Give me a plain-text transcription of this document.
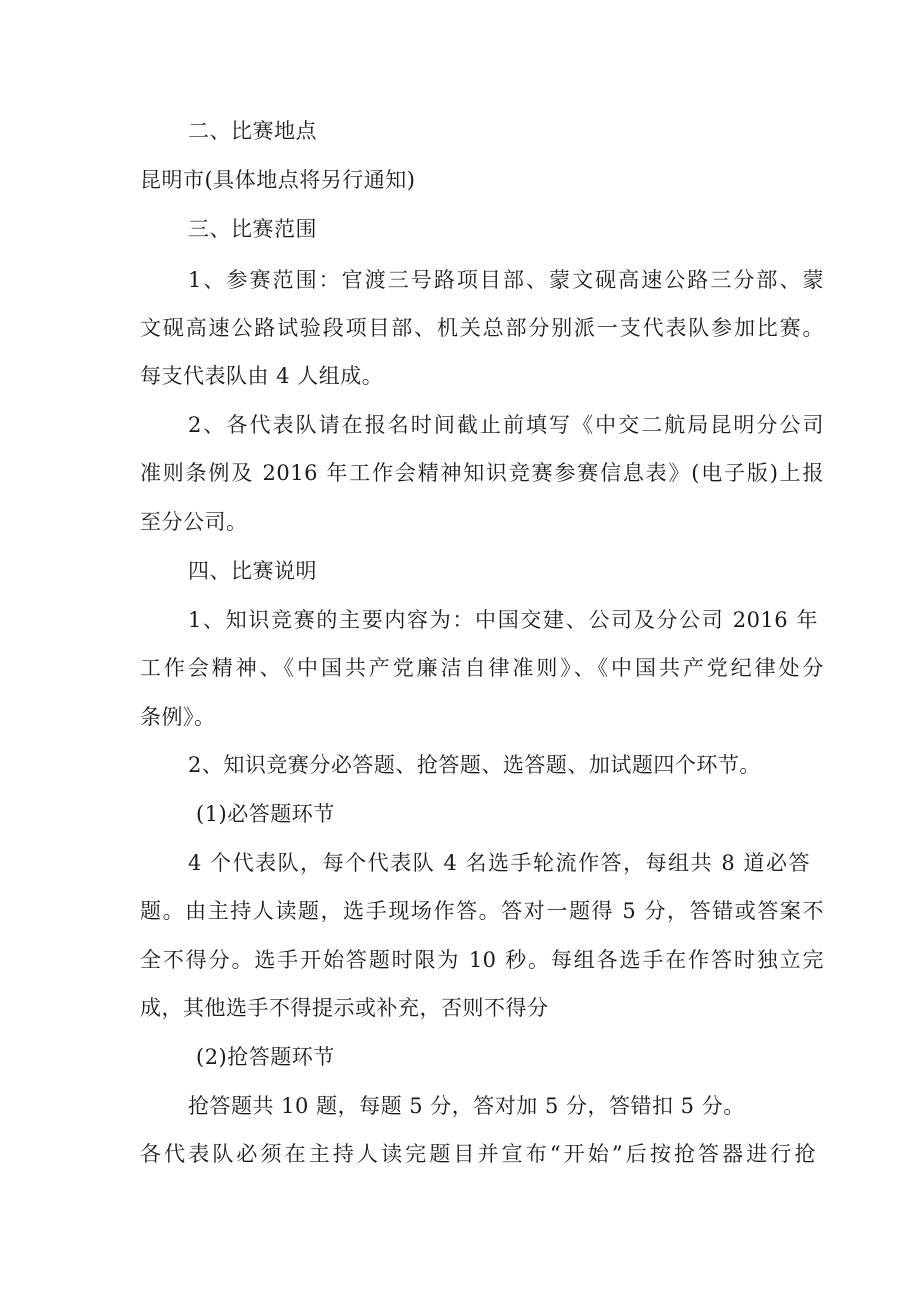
二、比赛地点
昆明市(具体地点将另行通知)
三、比赛范围
1、参赛范围：官渡三号路项目部、蒙文砚高速公路三分部、蒙
文砚高速公路试验段项目部、机关总部分别派一支代表队参加比赛。
每支代表队由 4 人组成。
2、各代表队请在报名时间截止前填写《中交二航局昆明分公司
准则条例及 2016 年工作会精神知识竞赛参赛信息表》(电子版)上报
至分公司。
四、比赛说明
1、知识竞赛的主要内容为：中国交建、公司及分公司 2016 年
工作会精神、《中国共产党廉洁自律准则》、《中国共产党纪律处分
条例》。
2、知识竞赛分必答题、抢答题、选答题、加试题四个环节。
(1)必答题环节
4 个代表队，每个代表队 4 名选手轮流作答，每组共 8 道必答
题。由主持人读题，选手现场作答。答对一题得 5 分，答错或答案不
全不得分。选手开始答题时限为 10 秒。每组各选手在作答时独立完
成，其他选手不得提示或补充，否则不得分
(2)抢答题环节
抢答题共 10 题，每题 5 分，答对加 5 分，答错扣 5 分。
各代表队必须在主持人读完题目并宣布“开始”后按抢答器进行抢
